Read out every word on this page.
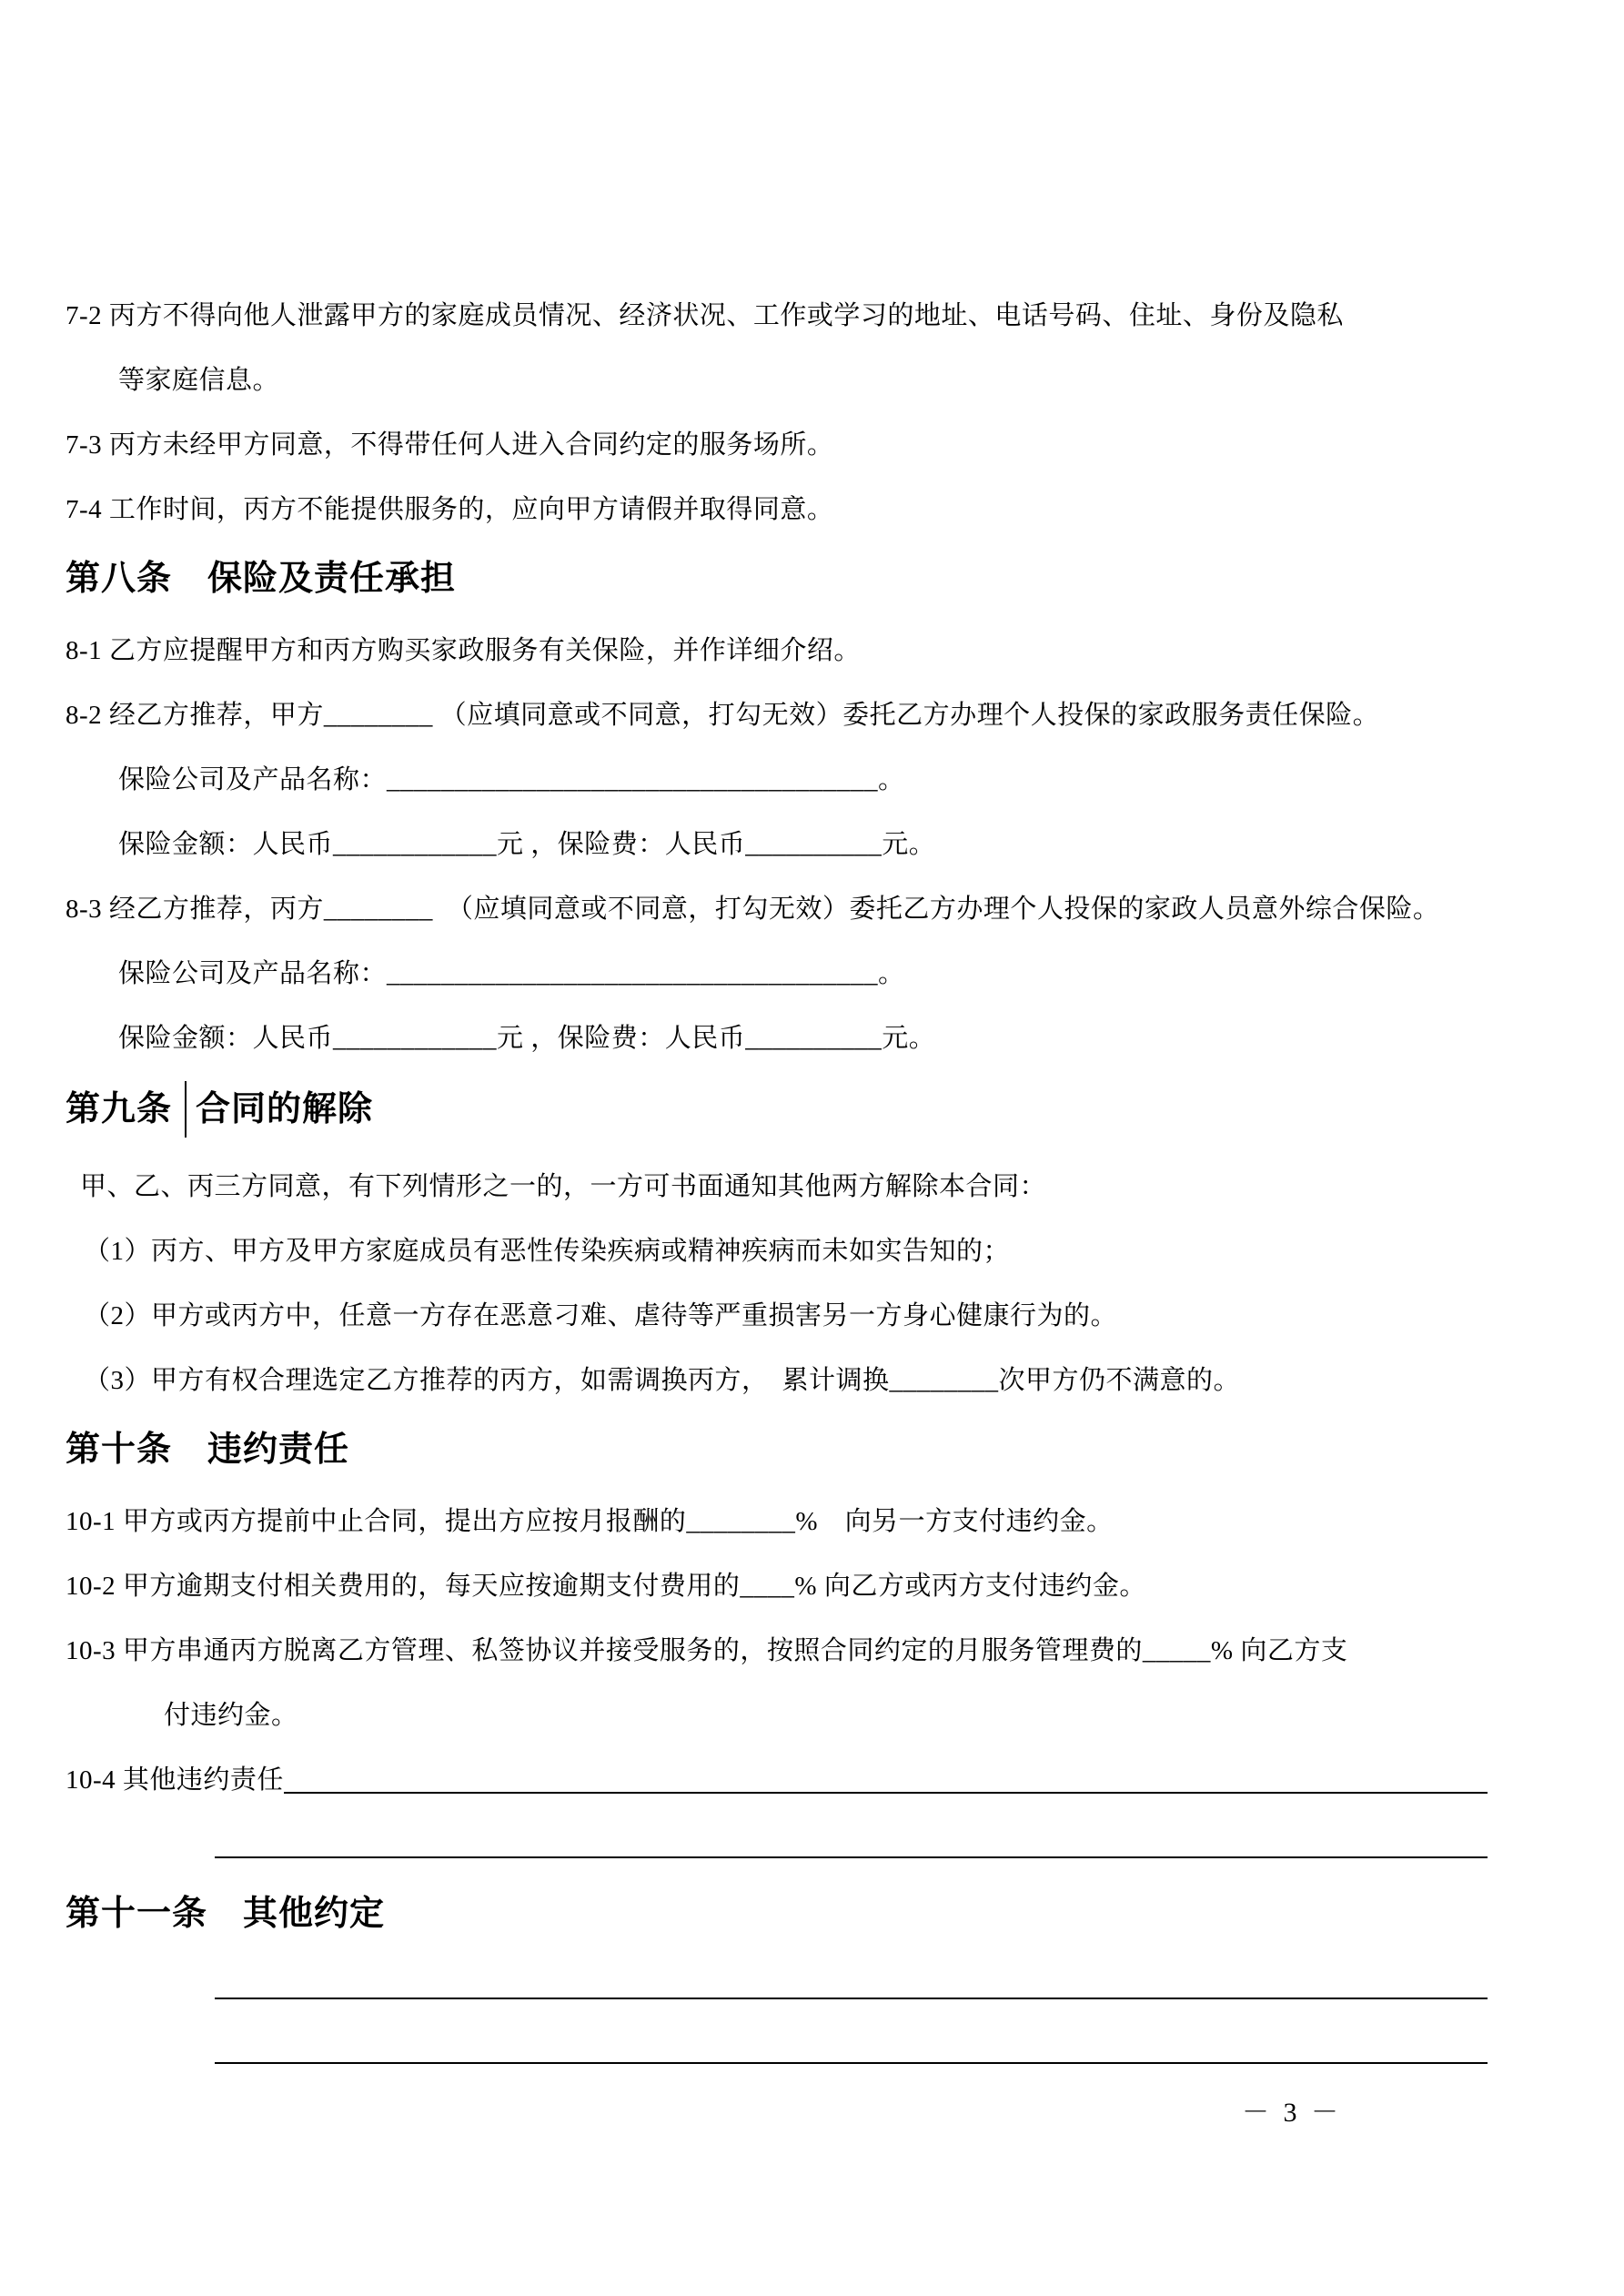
7-2 丙方不得向他人泄露甲方的家庭成员情况、经济状况、工作或学习的地址、电话号码、住址、身份及隐私
等家庭信息。
7-3 丙方未经甲方同意，不得带任何人进入合同约定的服务场所。
7-4 工作时间，丙方不能提供服务的，应向甲方请假并取得同意。
第八条　保险及责任承担
8-1 乙方应提醒甲方和丙方购买家政服务有关保险，并作详细介绍。
8-2 经乙方推荐，甲方________ （应填同意或不同意，打勾无效）委托乙方办理个人投保的家政服务责任保险。
保险公司及产品名称：____________________________________。
保险金额：人民币____________元 ，保险费：人民币__________元。
8-3 经乙方推荐，丙方________　（应填同意或不同意，打勾无效）委托乙方办理个人投保的家政人员意外综合保险。
保险公司及产品名称：____________________________________。
保险金额：人民币____________元 ，保险费：人民币__________元。
第九条 合同的解除
甲、乙、丙三方同意，有下列情形之一的，一方可书面通知其他两方解除本合同：
（1）丙方、甲方及甲方家庭成员有恶性传染疾病或精神疾病而未如实告知的；
（2）甲方或丙方中，任意一方存在恶意刁难、虐待等严重损害另一方身心健康行为的。
（3）甲方有权合理选定乙方推荐的丙方，如需调换丙方，　累计调换________次甲方仍不满意的。
第十条　违约责任
10-1 甲方或丙方提前中止合同，提出方应按月报酬的________%　向另一方支付违约金。
10-2 甲方逾期支付相关费用的，每天应按逾期支付费用的____% 向乙方或丙方支付违约金。
10-3 甲方串通丙方脱离乙方管理、私签协议并接受服务的，按照合同约定的月服务管理费的_____% 向乙方支
付违约金。
10-4 其他违约责任
第十一条　其他约定
－ 3 －
